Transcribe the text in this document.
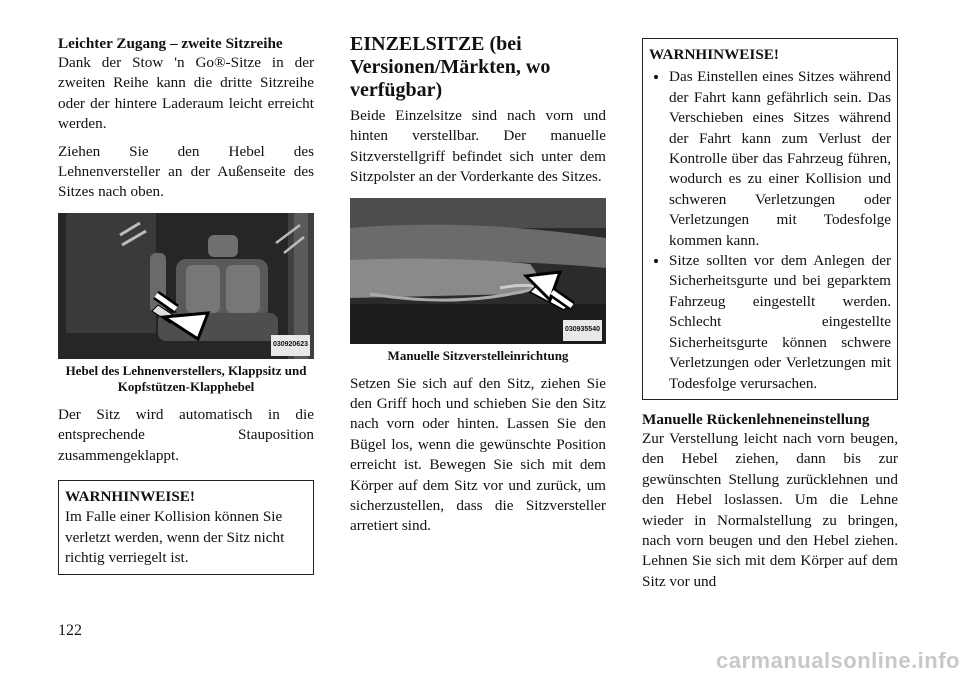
Leichter Zugang – zweite Sitzreihe

Dank der Stow 'n Go®-Sitze in der zweiten Reihe kann die dritte Sitzreihe oder der hintere Laderaum leicht erreicht werden.

Ziehen Sie den Hebel des Lehnenversteller an der Außenseite des Sitzes nach oben.

030920623
Hebel des Lehnenverstellers, Klappsitz und Kopfstützen-Klapphebel

Der Sitz wird automatisch in die entsprechende Stauposition zusammengeklappt.

WARNHINWEISE!
Im Falle einer Kollision können Sie verletzt werden, wenn der Sitz nicht richtig verriegelt ist.
EINZELSITZE (bei Versionen/Märkten, wo verfügbar)

Beide Einzelsitze sind nach vorn und hinten verstellbar. Der manuelle Sitzverstellgriff befindet sich unter dem Sitzpolster an der Vorderkante des Sitzes.

030935540
Manuelle Sitzverstelleinrichtung

Setzen Sie sich auf den Sitz, ziehen Sie den Griff hoch und schieben Sie den Sitz nach vorn oder hinten. Lassen Sie den Bügel los, wenn die gewünschte Position erreicht ist. Bewegen Sie sich mit dem Körper auf dem Sitz vor und zurück, um sicherzustellen, dass die Sitzversteller arretiert sind.

WARNHINWEISE!
• Das Einstellen eines Sitzes während der Fahrt kann gefährlich sein. Das Verschieben eines Sitzes während der Fahrt kann zum Verlust der Kontrolle über das Fahrzeug führen, wodurch es zu einer Kollision und schweren Verletzungen oder Verletzungen mit Todesfolge kommen kann.
• Sitze sollten vor dem Anlegen der Sicherheitsgurte und bei geparktem Fahrzeug eingestellt werden. Schlecht eingestellte Sicherheitsgurte können schwere Verletzungen oder Verletzungen mit Todesfolge verursachen.
Manuelle Rückenlehneneinstellung

Zur Verstellung leicht nach vorn beugen, den Hebel ziehen, dann bis zur gewünschten Stellung zurücklehnen und den Hebel loslassen. Um die Lehne wieder in Normalstellung zu bringen, nach vorn beugen und den Hebel ziehen. Lehnen Sie sich mit dem Körper auf dem Sitz vor und

122
carmanualsonline.info
